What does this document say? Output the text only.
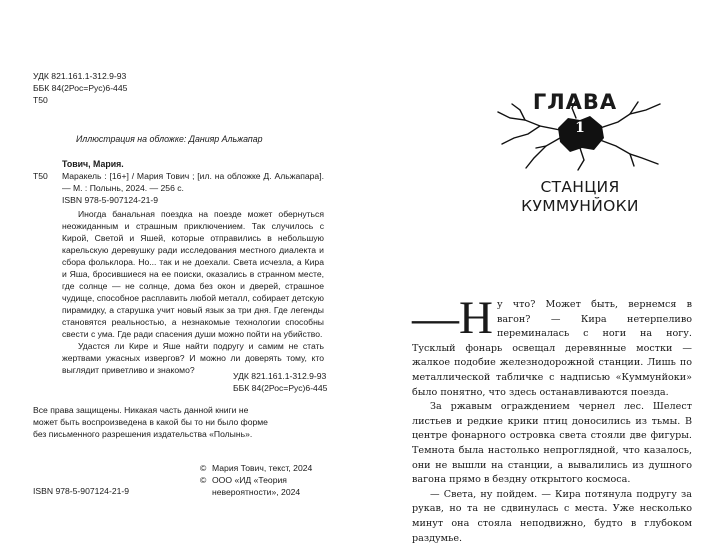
УДК 821.161.1-312.9-93
ББК 84(2Рос=Рус)6-445
Т50
Иллюстрация на обложке: Данияр Альжапар
Т50
Тович, Мария.
Маракель : [16+] / Мария Тович ; [ил. на обложке Д. Альжапара]. — М. : Полынь, 2024. — 256 с.
ISBN 978-5-907124-21-9

Иногда банальная поездка на поезде может обернуться неожиданным и страшным приключением. Так случилось с Кирой, Светой и Яшей, которые отправились в небольшую карельскую деревушку ради исследования местного диалекта и сбора фольклора. Но... так и не доехали. Света исчезла, а Кира и Яша, бросившиеся на ее поиски, оказались в странном месте, где солнце — не солнце, дома без окон и дверей, страшное чудище, способное расплавить любой металл, собирает детскую пирамидку, а старушка учит новый язык за три дня. Где легенды становятся реальностью, а незнакомые технологии способны свести с ума. Где ради спасения души можно пойти на убийство.

Удастся ли Кире и Яше найти подругу и самим не стать жертвами ужасных извергов? И можно ли доверять тому, кто выглядит приветливо и знакомо?

УДК 821.161.1-312.9-93
ББК 84(2Рос=Рус)6-445
Все права защищены. Никакая часть данной книги не может быть воспроизведена в какой бы то ни было форме без письменного разрешения издательства «Полынь».
© Мария Тович, текст, 2024
© ООО «ИД «Теория невероятности», 2024
ISBN 978-5-907124-21-9
ГЛАВА
1
СТАНЦИЯ КУММУНЙОКИ
—Н у что? Может быть, вернемся в вагон? — Кира нетерпеливо переминалась с ноги на ногу. Тусклый фонарь освещал деревянные мостки — жалкое подобие железнодорожной станции. Лишь по металлической табличке с надписью «Куммунйоки» было понятно, что здесь останавливаются поезда.

За ржавым ограждением чернел лес. Шелест листьев и редкие крики птиц доносились из тьмы. В центре фонарного островка света стояли две фигуры. Темнота была настолько непроглядной, что казалось, они не вышли на станции, а вывалились из душного вагона прямо в бездну открытого космоса.

— Света, ну пойдем. — Кира потянула подругу за рукав, но та не сдвинулась с места. Уже несколько минут она стояла неподвижно, будто в глубоком раздумье.
